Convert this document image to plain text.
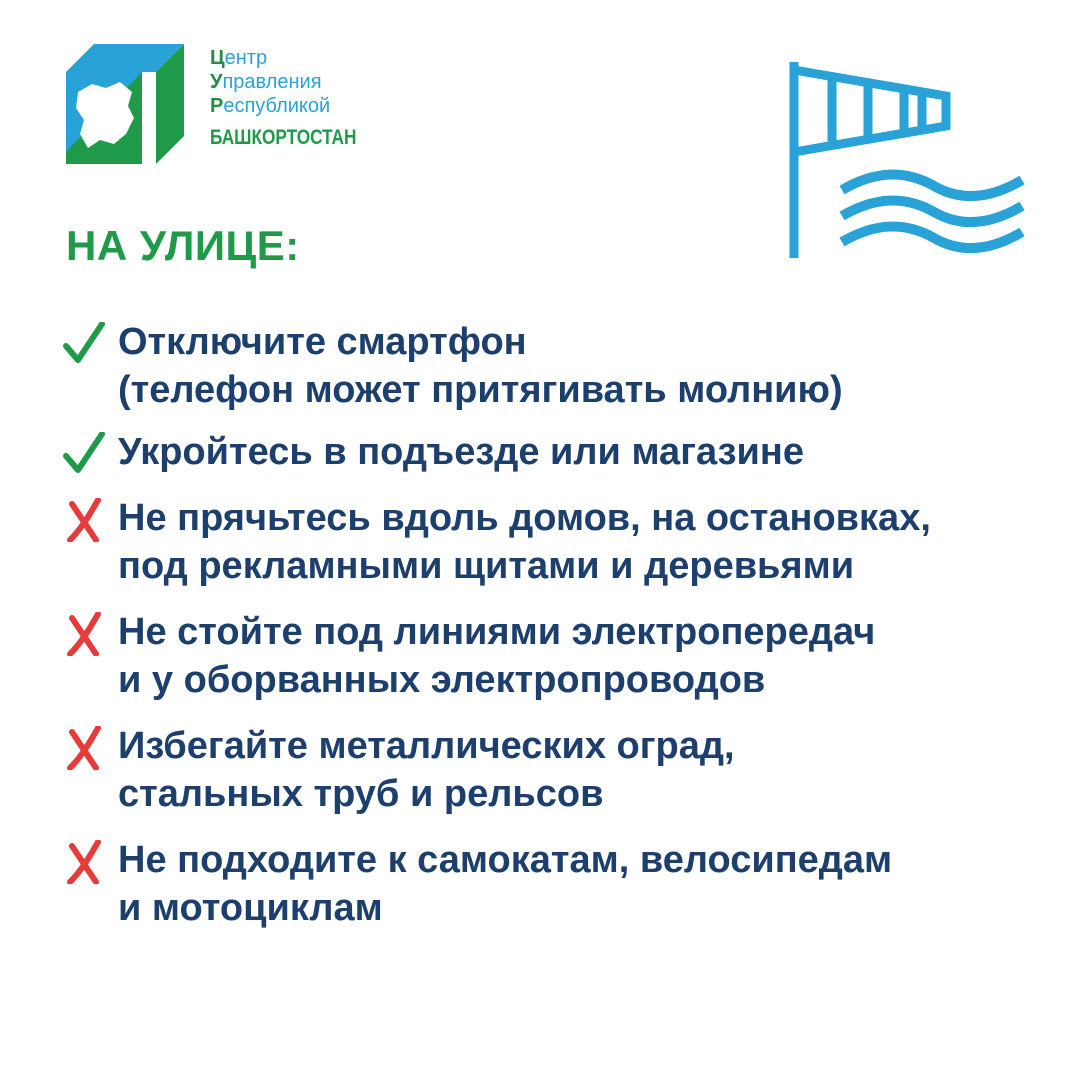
Центр
Управления
Республикой
БАШКОРТОСТАН
НА УЛИЦЕ:
Отключите смартфон
(телефон может притягивать молнию)
Укройтесь в подъезде или магазине
Не прячьтесь вдоль домов, на остановках,
под рекламными щитами и деревьями
Не стойте под линиями электропередач
и у оборванных электропроводов
Избегайте металлических оград,
стальных труб и рельсов
Не подходите к самокатам, велосипедам
и мотоциклам
